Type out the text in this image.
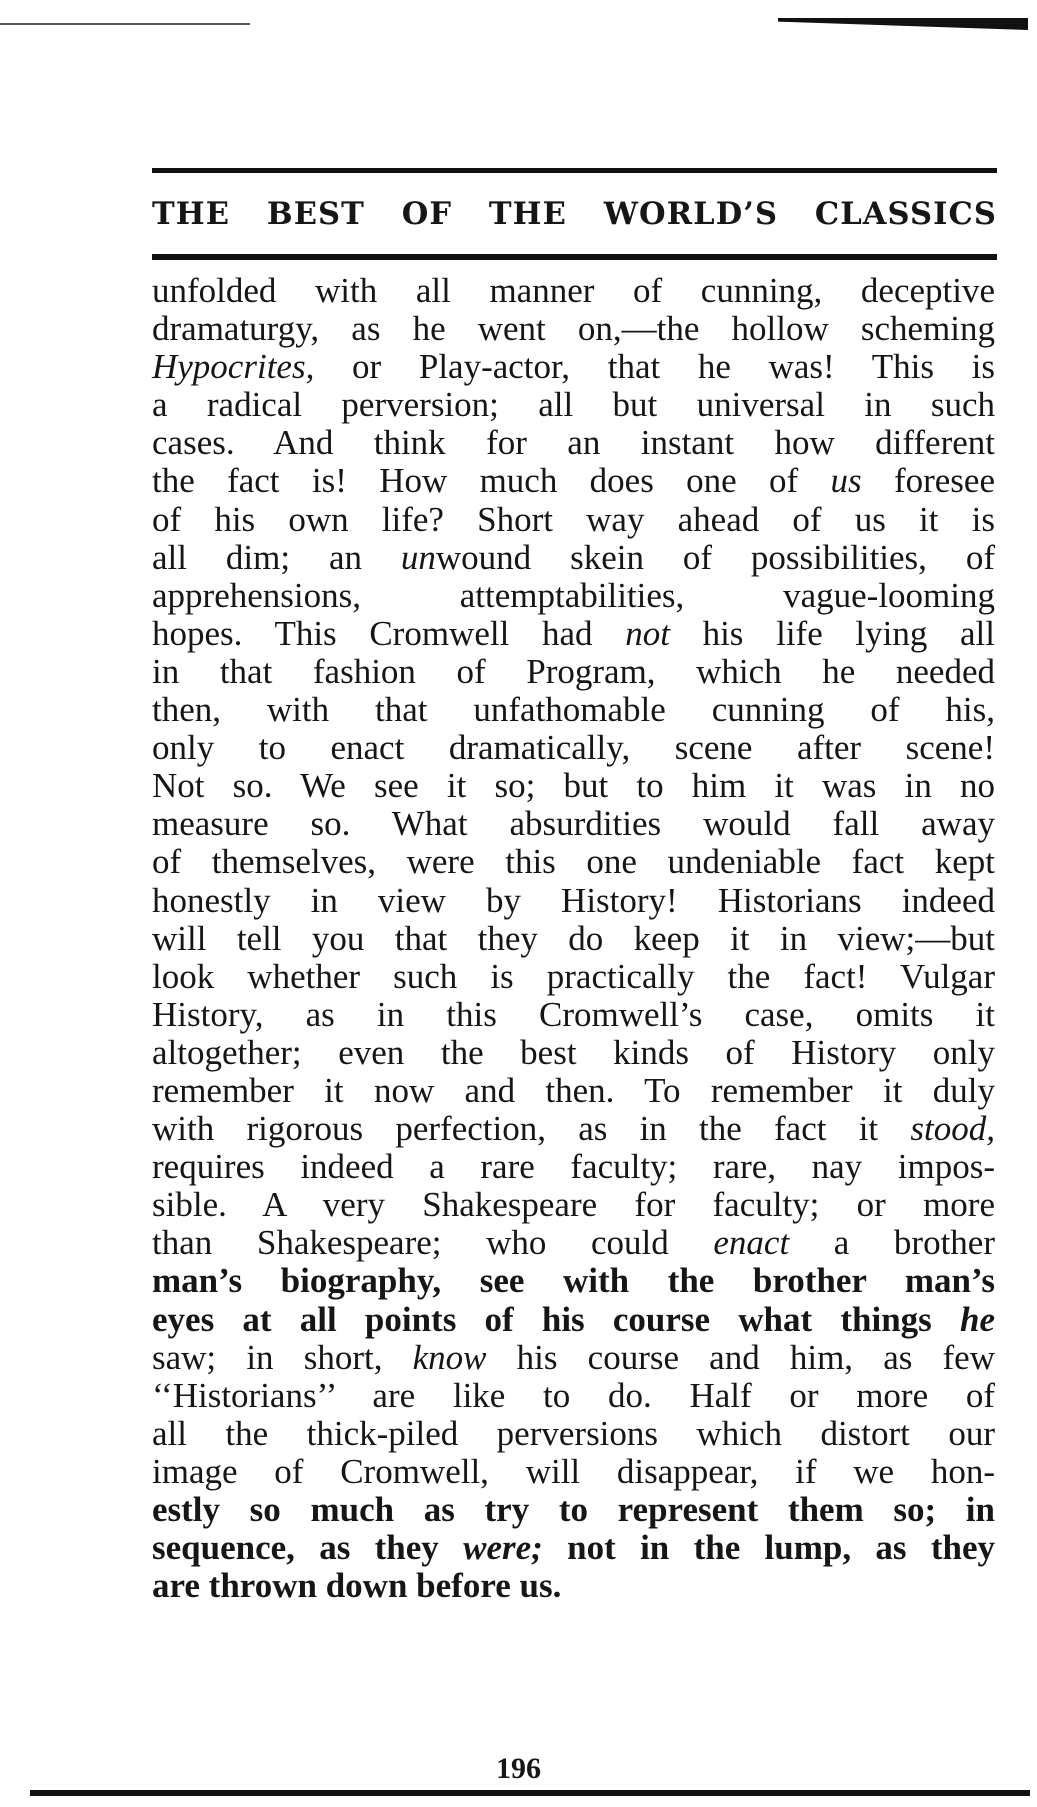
THE BEST OF THE WORLD’S CLASSICS
unfolded with all manner of cunning, deceptive
dramaturgy, as he went on,—the hollow scheming
Hypocrites, or Play-actor, that he was! This is
a radical perversion; all but universal in such
cases. And think for an instant how different
the fact is! How much does one of us foresee
of his own life? Short way ahead of us it is
all dim; an unwound skein of possibilities, of
apprehensions, attemptabilities, vague-looming
hopes. This Cromwell had not his life lying all
in that fashion of Program, which he needed
then, with that unfathomable cunning of his,
only to enact dramatically, scene after scene!
Not so. We see it so; but to him it was in no
measure so. What absurdities would fall away
of themselves, were this one undeniable fact kept
honestly in view by History! Historians indeed
will tell you that they do keep it in view;—but
look whether such is practically the fact! Vulgar
History, as in this Cromwell’s case, omits it
altogether; even the best kinds of History only
remember it now and then. To remember it duly
with rigorous perfection, as in the fact it stood,
requires indeed a rare faculty; rare, nay impos-
sible. A very Shakespeare for faculty; or more
than Shakespeare; who could enact a brother
man’s biography, see with the brother man’s
eyes at all points of his course what things he
saw; in short, know his course and him, as few
‘‘Historians’’ are like to do. Half or more of
all the thick-piled perversions which distort our
image of Cromwell, will disappear, if we hon-
estly so much as try to represent them so; in
sequence, as they were; not in the lump, as they
are thrown down before us.
196
